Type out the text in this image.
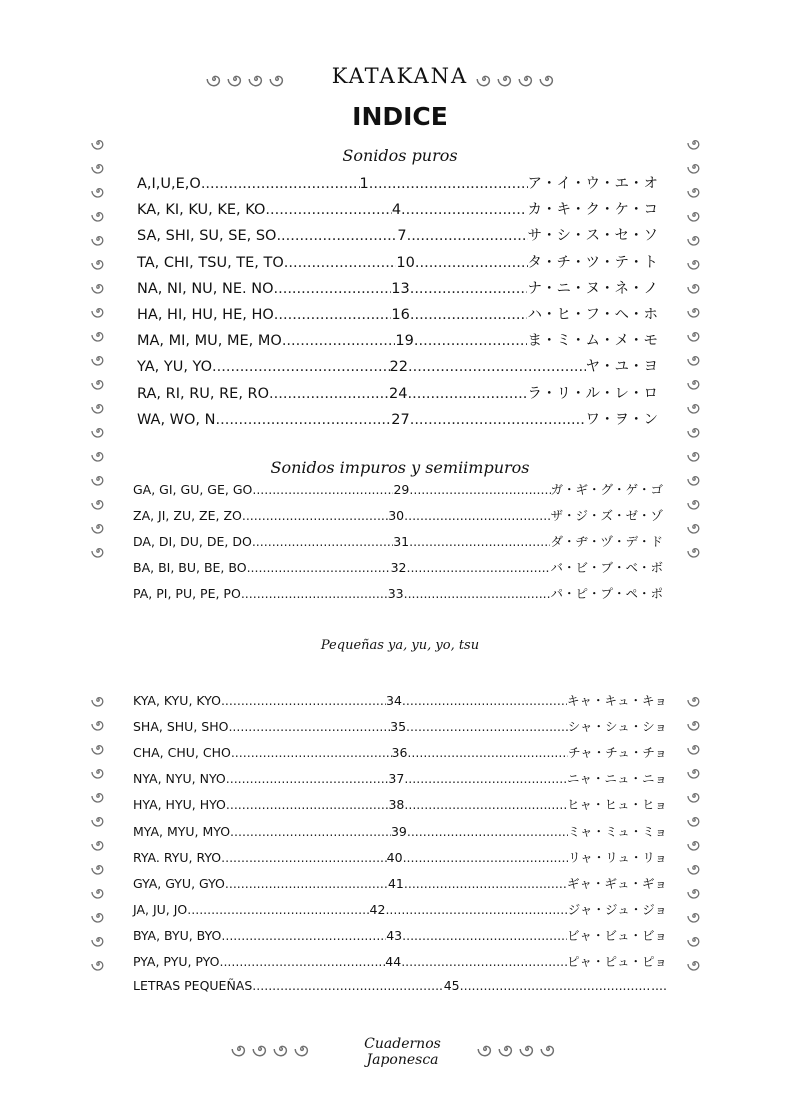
KATAKANA
INDICE
Sonidos puros
Sonidos impuros y semiimpuros
Pequeñas ya, yu, yo, tsu
A,I,U,E,O .....	1 .....	ア・イ・ウ・エ・オ
KA, KI, KU, KE, KO .....	4 .....	カ・キ・ク・ケ・コ
SA, SHI, SU, SE, SO .....	7 .....	サ・シ・ス・セ・ソ
TA, CHI, TSU, TE, TO .....	10 .....	タ・チ・ツ・テ・ト
NA, NI, NU, NE. NO .....	13 .....	ナ・ニ・ヌ・ネ・ノ
HA, HI, HU, HE, HO .....	16 .....	ハ・ヒ・フ・ヘ・ホ
MA, MI, MU, ME, MO .....	19 .....	ま・ミ・ム・メ・モ
YA, YU, YO .....	22 .....	ヤ・ユ・ヨ
RA, RI, RU, RE, RO .....	24 .....	ラ・リ・ル・レ・ロ
WA, WO, N .....	27 .....	ワ・ヲ・ン
GA, GI, GU, GE, GO .....	29 .....	ガ・ギ・グ・ゲ・ゴ
ZA, JI, ZU, ZE, ZO .....	30 .....	ザ・ジ・ズ・ゼ・ゾ
DA, DI, DU, DE, DO .....	31 .....	ダ・ヂ・ヅ・デ・ド
BA, BI, BU, BE, BO .....	32 .....	バ・ビ・ブ・ベ・ボ
PA, PI, PU, PE, PO .....	33 .....	パ・ピ・プ・ペ・ポ
KYA, KYU, KYO .....	34 .....	キャ・キュ・キョ
SHA, SHU, SHO .....	35 .....	シャ・シュ・ショ
CHA, CHU, CHO .....	36 .....	チャ・チュ・チョ
NYA, NYU, NYO .....	37 .....	ニャ・ニュ・ニョ
HYA, HYU, HYO .....	38 .....	ヒャ・ヒュ・ヒョ
MYA, MYU, MYO .....	39 .....	ミャ・ミュ・ミョ
RYA. RYU, RYO .....	40 .....	リャ・リュ・リョ
GYA, GYU, GYO .....	41 .....	ギャ・ギュ・ギョ
JA, JU, JO .....	42 .....	ジャ・ジュ・ジョ
BYA, BYU, BYO .....	43 .....	ビャ・ビュ・ビョ
PYA, PYU, PYO .....	44 .....	ピャ・ピュ・ピョ
LETRAS PEQUEÑAS .....	45 .....	....
Cuadernos Japonesca
